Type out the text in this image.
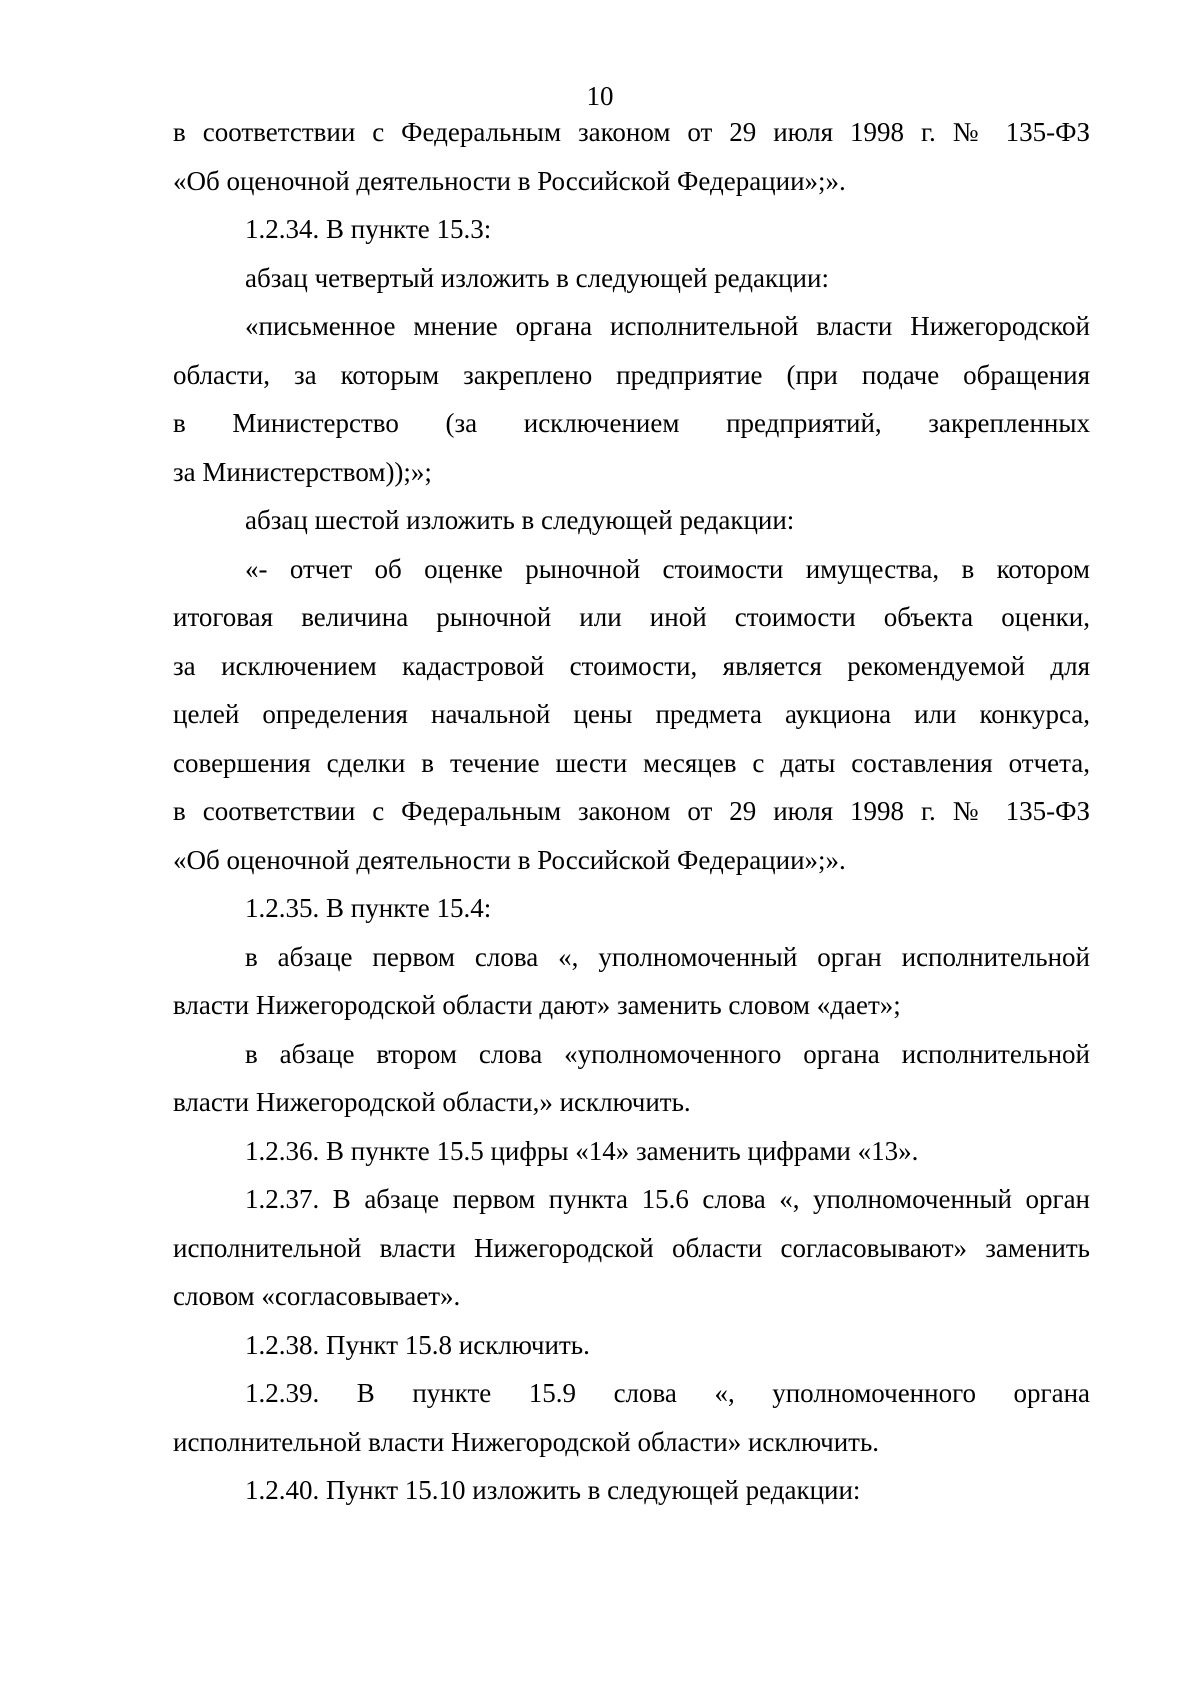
10
в соответствии с Федеральным законом от 29 июля 1998 г. № 135-ФЗ
«Об оценочной деятельности в Российской Федерации»;».
1.2.34. В пункте 15.3:
абзац четвертый изложить в следующей редакции:
«письменное мнение органа исполнительной власти Нижегородской
области, за которым закреплено предприятие (при подаче обращения
в Министерство (за исключением предприятий, закрепленных
за Министерством));»;
абзац шестой изложить в следующей редакции:
«- отчет об оценке рыночной стоимости имущества, в котором
итоговая величина рыночной или иной стоимости объекта оценки,
за исключением кадастровой стоимости, является рекомендуемой для
целей определения начальной цены предмета аукциона или конкурса,
совершения сделки в течение шести месяцев с даты составления отчета,
в соответствии с Федеральным законом от 29 июля 1998 г. № 135-ФЗ
«Об оценочной деятельности в Российской Федерации»;».
1.2.35. В пункте 15.4:
в абзаце первом слова «, уполномоченный орган исполнительной
власти Нижегородской области дают» заменить словом «дает»;
в абзаце втором слова «уполномоченного органа исполнительной
власти Нижегородской области,» исключить.
1.2.36. В пункте 15.5 цифры «14» заменить цифрами «13».
1.2.37. В абзаце первом пункта 15.6 слова «, уполномоченный орган
исполнительной власти Нижегородской области согласовывают» заменить
словом «согласовывает».
1.2.38. Пункт 15.8 исключить.
1.2.39. В пункте 15.9 слова «, уполномоченного органа
исполнительной власти Нижегородской области» исключить.
1.2.40. Пункт 15.10 изложить в следующей редакции:
